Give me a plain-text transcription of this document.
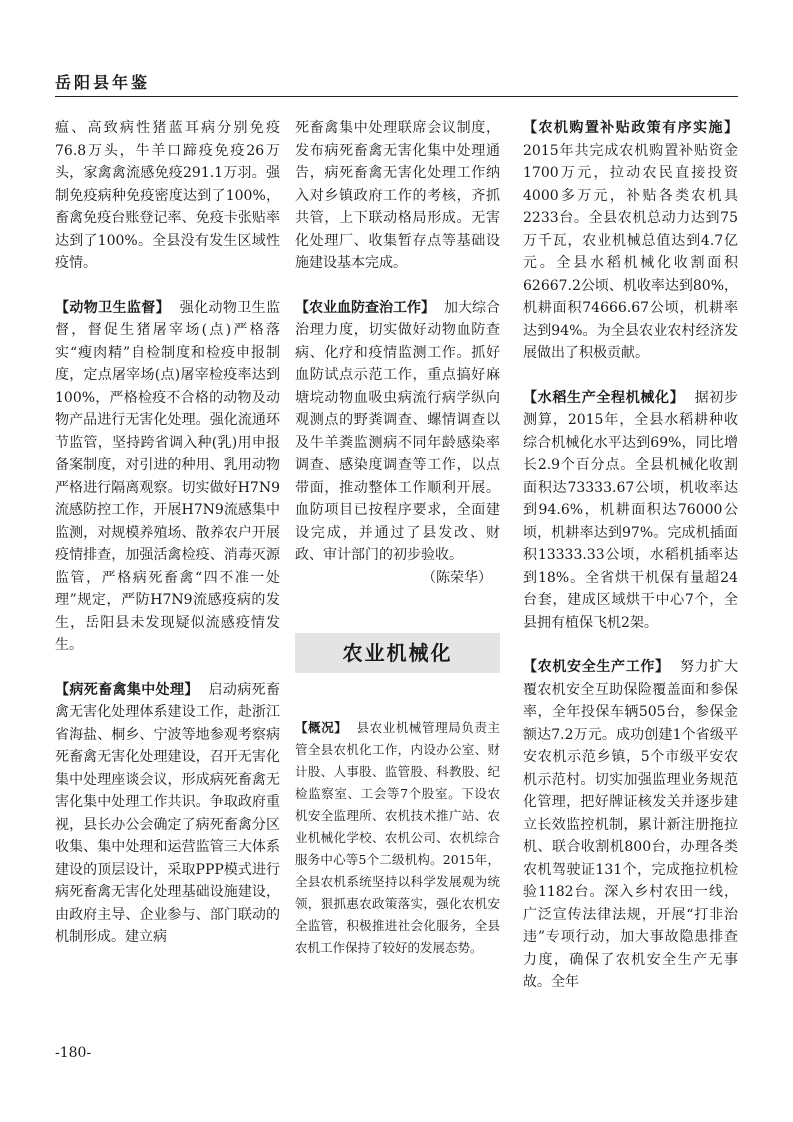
岳阳县年鉴

瘟、高致病性猪蓝耳病分别免疫76.8万头，牛羊口蹄疫免疫26万头，家禽禽流感免疫291.1万羽。强制免疫病种免疫密度达到了100%，畜禽免疫台账登记率、免疫卡张贴率达到了100%。全县没有发生区域性疫情。

【动物卫生监督】 强化动物卫生监督，督促生猪屠宰场(点)严格落实“瘦肉精”自检制度和检疫申报制度，定点屠宰场(点)屠宰检疫率达到100%，严格检疫不合格的动物及动物产品进行无害化处理。强化流通环节监管，坚持跨省调入种(乳)用申报备案制度，对引进的种用、乳用动物严格进行隔离观察。切实做好H7N9流感防控工作，开展H7N9流感集中监测，对规模养殖场、散养农户开展疫情排查，加强活禽检疫、消毒灭源监管，严格病死畜禽“四不准一处理”规定，严防H7N9流感疫病的发生，岳阳县未发现疑似流感疫情发生。

【病死畜禽集中处理】 启动病死畜禽无害化处理体系建设工作，赴浙江省海盐、桐乡、宁波等地参观考察病死畜禽无害化处理建设，召开无害化集中处理座谈会议，形成病死畜禽无害化集中处理工作共识。争取政府重视，县长办公会确定了病死畜禽分区收集、集中处理和运营监管三大体系建设的顶层设计，采取PPP模式进行病死畜禽无害化处理基础设施建设，由政府主导、企业参与、部门联动的机制形成。建立病

死畜禽集中处理联席会议制度，发布病死畜禽无害化集中处理通告，病死畜禽无害化处理工作纳入对乡镇政府工作的考核，齐抓共管，上下联动格局形成。无害化处理厂、收集暂存点等基础设施建设基本完成。

【农业血防查治工作】 加大综合治理力度，切实做好动物血防查病、化疗和疫情监测工作。抓好血防试点示范工作，重点搞好麻塘垸动物血吸虫病流行病学纵向观测点的野粪调查、螺情调查以及牛羊粪监测病不同年龄感染率调查、感染度调查等工作，以点带面，推动整体工作顺利开展。血防项目已按程序要求，全面建设完成，并通过了县发改、财政、审计部门的初步验收。

（陈荣华）

农业机械化

【概况】 县农业机械管理局负责主管全县农机化工作，内设办公室、财计股、人事股、监管股、科教股、纪检监察室、工会等7个股室。下设农机安全监理所、农机技术推广站、农业机械化学校、农机公司、农机综合服务中心等5个二级机构。2015年，全县农机系统坚持以科学发展观为统领，狠抓惠农政策落实，强化农机安全监管，积极推进社会化服务，全县农机工作保持了较好的发展态势。

【农机购置补贴政策有序实施】2015年共完成农机购置补贴资金1700万元，拉动农民直接投资4000多万元，补贴各类农机具2233台。全县农机总动力达到75万千瓦，农业机械总值达到4.7亿元。全县水稻机械化收割面积62667.2公顷、机收率达到80%，机耕面积74666.67公顷，机耕率达到94%。为全县农业农村经济发展做出了积极贡献。

【水稻生产全程机械化】 据初步测算，2015年，全县水稻耕种收综合机械化水平达到69%，同比增长2.9个百分点。全县机械化收割面积达73333.67公顷，机收率达到94.6%，机耕面积达76000公顷，机耕率达到97%。完成机插面积13333.33公顷，水稻机插率达到18%。全省烘干机保有量超24台套，建成区域烘干中心7个，全县拥有植保飞机2架。

【农机安全生产工作】 努力扩大覆农机安全互助保险覆盖面和参保率，全年投保车辆505台，参保金额达7.2万元。成功创建1个省级平安农机示范乡镇，5个市级平安农机示范村。切实加强监理业务规范化管理，把好牌证核发关并逐步建立长效监控机制，累计新注册拖拉机、联合收割机800台，办理各类农机驾驶证131个，完成拖拉机检验1182台。深入乡村农田一线，广泛宣传法律法规，开展“打非治违”专项行动，加大事故隐患排查力度，确保了农机安全生产无事故。全年

-180-
